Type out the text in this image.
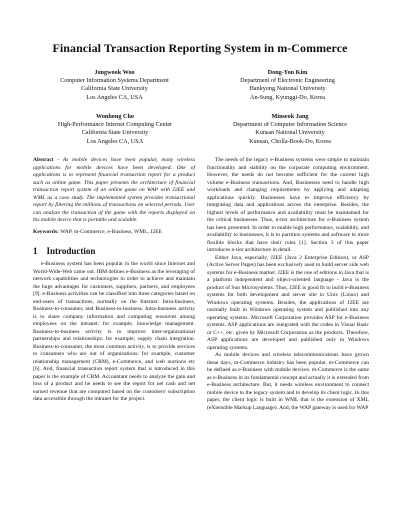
Financial Transaction Reporting System in m-Commerce
Jongwook Woo
Computer Information Systems Department
California State University
Los Angeles CA, USA
Dong-Yon Kim
Department of Electronic Engineering
Hankyong National University
An-Sung, Kyunggi-Do, Korea
Wonhong Cho
High-Performance Internet Computing Center
California State University
Los Angeles CA, USA
Minseok Jang
Department of Computer Information Science
Kunsan National University
Kunsan, Cholla-Book-Do, Korea

Abstract - As mobile devices have been popular, many wireless applications for mobile devices have been developed. One of applications is to represent financial transaction report for a product such as online game. This paper presents the architecture of financial transaction report system of an online game on WAP with J2EE and WML as a case study. The implemented system provides transactional report by filtering the millions of transactions on selected periods. User can analyze the transaction of the game with the reports displayed on his mobile device that is portable and scalable.

Keywords: WAP, m-Commerce, e-Business, WML, J2EE

1 Introduction

e-Business system has been popular in the world since Internet and World-Wide-Web came out. IBM defines e-Business as the leveraging of network capabilities and technologies in order to achieve and maintain the huge advantages for customers, suppliers, partners, and employees [9]. e-Business activities can be classified into three categories based on end-users of transactions, normally on the Internet: Intra-business, Business-to-consumer, and Business-to-business. Intra-business activity is to share company information and computing resources among employees on the intranet: for example, knowledge management. Business-to-business activity is to improve inter-organizational partnerships and relationships: for example, supply chain integration. Business-to-consumer, the most common activity, is to provide services to consumers who are out of organizations: for example, customer relationship management (CRM), e-Commerce, and web auctions etc [6]. And, financial transaction report system that is introduced in this paper is the example of CRM. Accountant needs to analyze the gain and loss of a product and he needs to see the report for net cash and net earned revenue that are computed based on the customers' subscription data accessible through the intranet for the project.

The needs of the legacy e-Business systems were simple to maintain functionality and stability on the corporate computing environment. However, the needs do not become sufficient for the current high volume e-Business transactions. And, Businesses need to handle high workloads and changing requirements by applying and adapting applications quickly. Businesses have to improve efficiency by integrating data and applications across the enterprise. Besides, the highest levels of performance and availability must be maintained for the critical businesses. Thus, n-tier architecture for e-Business system has been presented. In order to enable high performance, scalability, and availability to businesses, it is to partition systems and software to more flexible blocks that have their roles [1]. Section 3 of this paper introduces n-tier architecture in detail.

Either Java, especially, J2EE (Java 2 Enterprise Edition), or ASP (Active Server Pages) has been exclusively used to build server side web systems for e-Business market. J2EE is the one of editions in Java that is a platform independent and object-oriented language - Java is the product of Sun Microsystems. Thus, J2EE is good fit to build e-Business systems for both development and server site in Unix (Linux) and Windows operating systems. Besides, the applications of J2EE are normally built in Windows operating system and published into any operating systems. Microsoft Corporation provides ASP for e-Business systems. ASP applications are integrated with the codes in Visual Basic or C++, etc. given by Microsoft Corporation as the products. Therefore, ASP applications are developed and published only in Windows operating systems.

As mobile devices and wireless telecommunications have grown these days, m-Commerce industry has been popular. m-Commerce can be defined as e-Business with mobile devices. m-Commerce is the same as e-Business in its fundamental concept and actually it is extended from e-Business architecture. But, it needs wireless environment to connect mobile device to the legacy system and to develop its client logic. In this paper, the client logic is built in WML that is the extension of XML (eXtensible Markup Language). And, the WAP gateway is used for WAP
